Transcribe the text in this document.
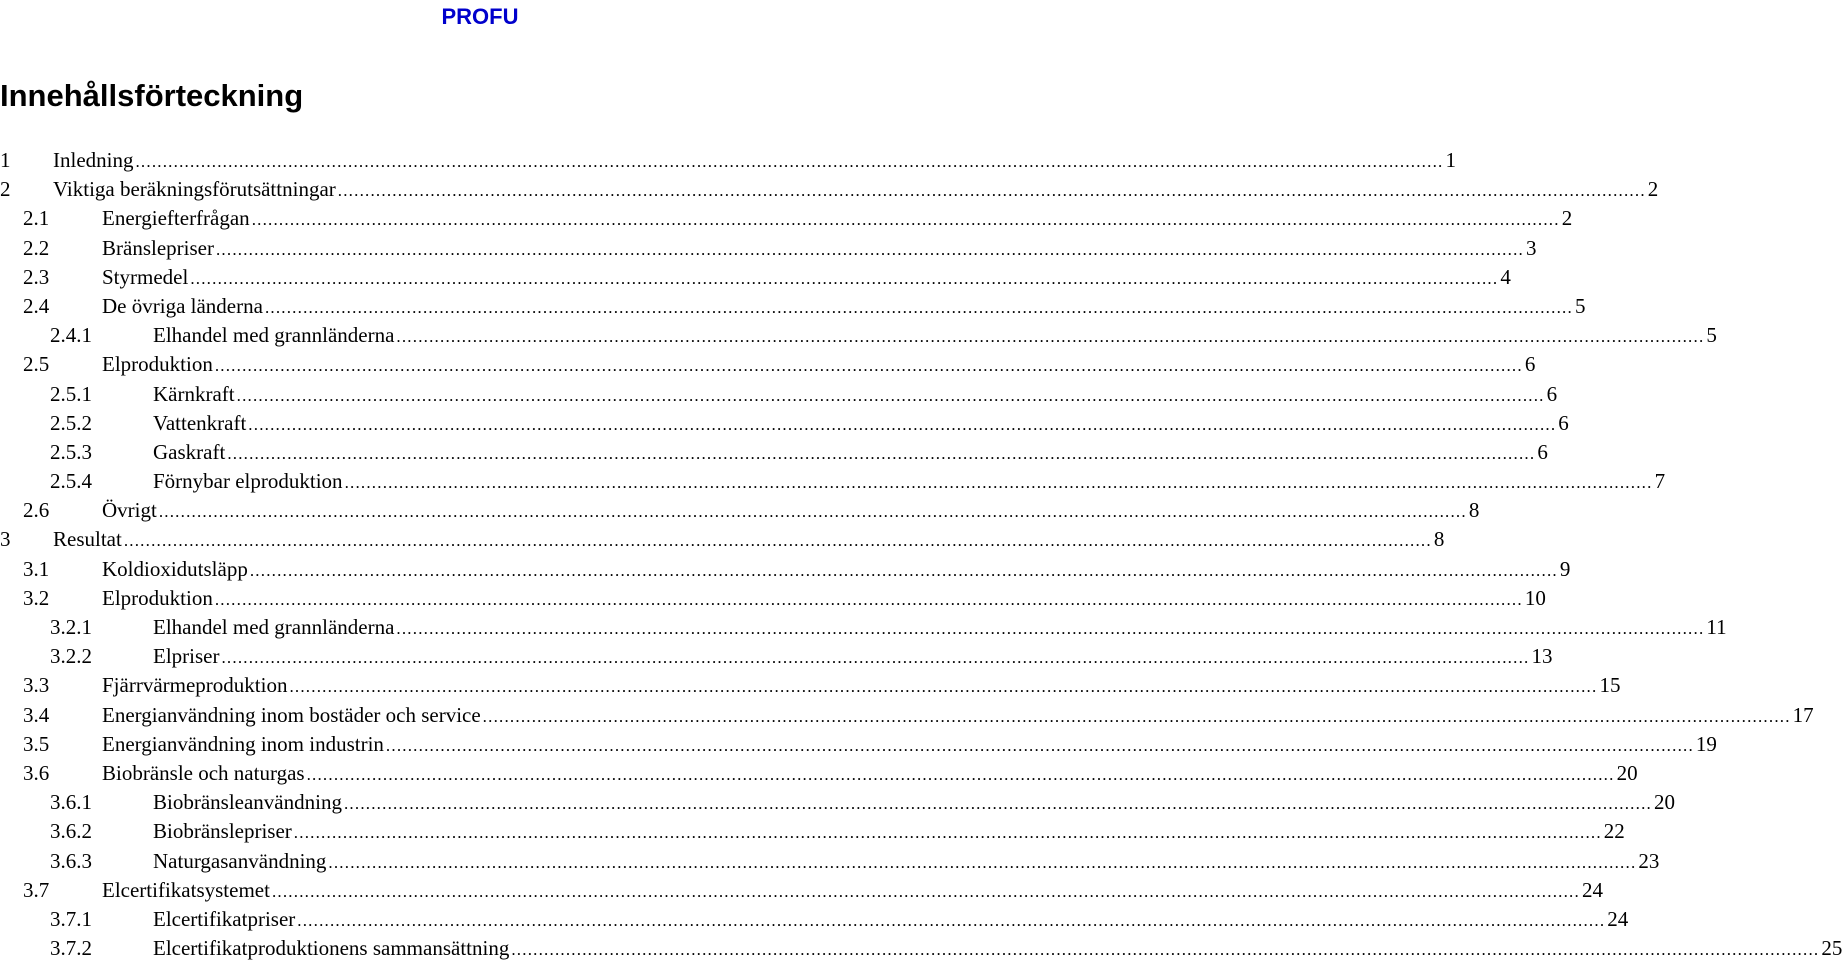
PROFU
Innehållsförteckning
1	Inledning ................................................................................................................................................................................................................................................ 1
2	Viktiga beräkningsförutsättningar ................................................................................................................................................................................................................................................ 2
2.1	Energiefterfrågan ................................................................................................................................................................................................................................................ 2
2.2	Bränslepriser ................................................................................................................................................................................................................................................ 3
2.3	Styrmedel ................................................................................................................................................................................................................................................ 4
2.4	De övriga länderna ................................................................................................................................................................................................................................................ 5
2.4.1	Elhandel med grannländerna ................................................................................................................................................................................................................................................ 5
2.5	Elproduktion ................................................................................................................................................................................................................................................ 6
2.5.1	Kärnkraft ................................................................................................................................................................................................................................................ 6
2.5.2	Vattenkraft ................................................................................................................................................................................................................................................ 6
2.5.3	Gaskraft ................................................................................................................................................................................................................................................ 6
2.5.4	Förnybar elproduktion ................................................................................................................................................................................................................................................ 7
2.6	Övrigt ................................................................................................................................................................................................................................................ 8
3	Resultat ................................................................................................................................................................................................................................................ 8
3.1	Koldioxidutsläpp ................................................................................................................................................................................................................................................ 9
3.2	Elproduktion ................................................................................................................................................................................................................................................ 10
3.2.1	Elhandel med grannländerna ................................................................................................................................................................................................................................................ 11
3.2.2	Elpriser ................................................................................................................................................................................................................................................ 13
3.3	Fjärrvärmeproduktion ................................................................................................................................................................................................................................................ 15
3.4	Energianvändning inom bostäder och service ................................................................................................................................................................................................................................................ 17
3.5	Energianvändning inom industrin ................................................................................................................................................................................................................................................ 19
3.6	Biobränsle och naturgas ................................................................................................................................................................................................................................................ 20
3.6.1	Biobränsleanvändning ................................................................................................................................................................................................................................................ 20
3.6.2	Biobränslepriser ................................................................................................................................................................................................................................................ 22
3.6.3	Naturgasanvändning ................................................................................................................................................................................................................................................ 23
3.7	Elcertifikatsystemet ................................................................................................................................................................................................................................................ 24
3.7.1	Elcertifikatpriser ................................................................................................................................................................................................................................................ 24
3.7.2	Elcertifikatproduktionens sammansättning ................................................................................................................................................................................................................................................ 25
